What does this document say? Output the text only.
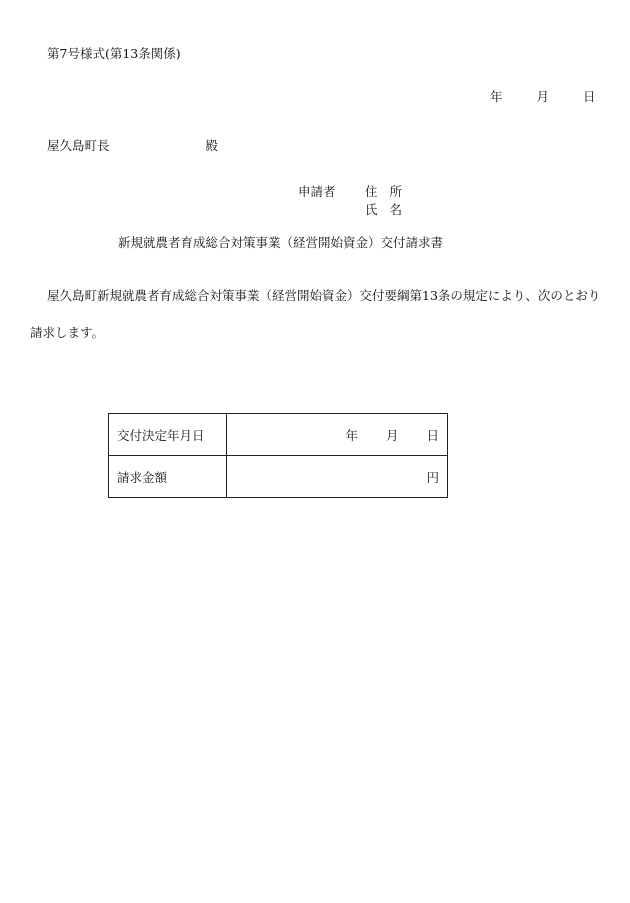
第7号様式(第13条関係)
年	月	日
屋久島町長	殿
申請者 住 所
氏 名
新規就農者育成総合対策事業（経営開始資金）交付請求書
屋久島町新規就農者育成総合対策事業（経営開始資金）交付要綱第13条の規定により、次のとおり
請求します。
交付決定年月日	年 月 日
請求金額	円
